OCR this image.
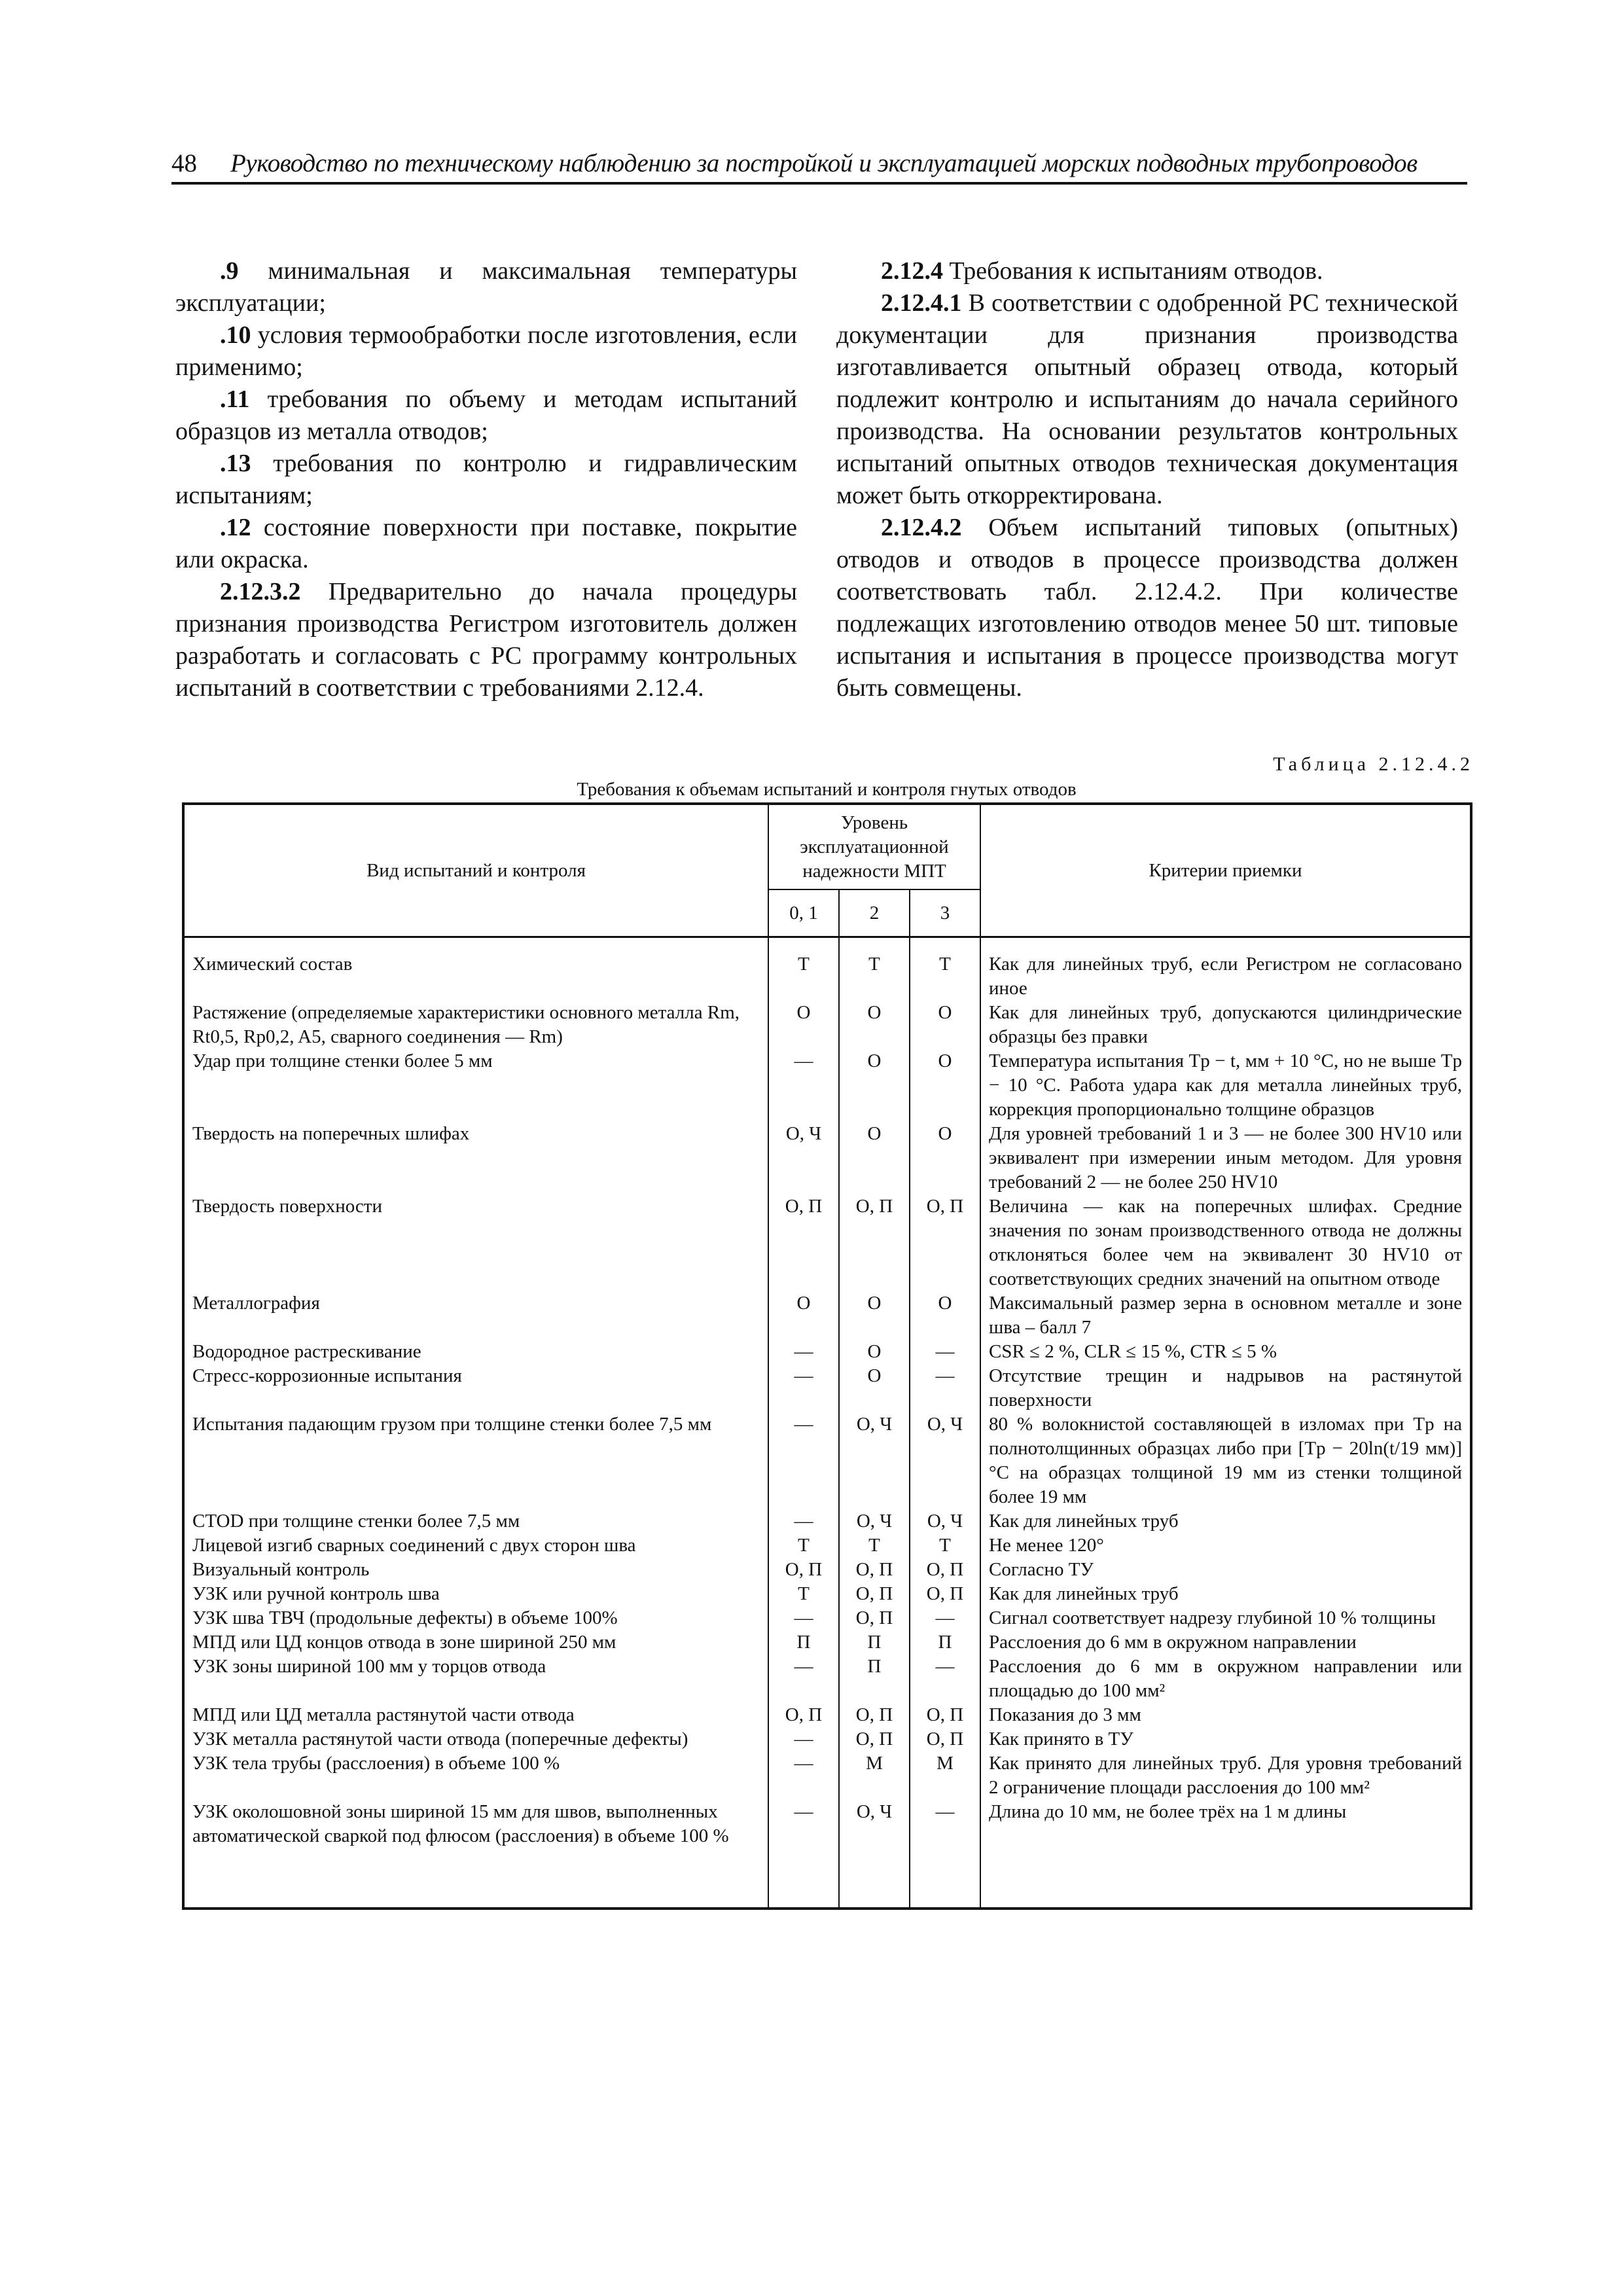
48	Руководство по техническому наблюдению за постройкой и эксплуатацией морских подводных трубопроводов

.9 минимальная и максимальная температуры эксплуатации;

.10 условия термообработки после изготовления, если применимо;

.11 требования по объему и методам испытаний образцов из металла отводов;

.13 требования по контролю и гидравлическим испытаниям;

.12 состояние поверхности при поставке, покрытие или окраска.

2.12.3.2 Предварительно до начала процедуры признания производства Регистром изготовитель должен разработать и согласовать с РС программу контрольных испытаний в соответствии с требованиями 2.12.4.

2.12.4 Требования к испытаниям отводов.

2.12.4.1 В соответствии с одобренной РС технической документации для признания производства изготавливается опытный образец отвода, который подлежит контролю и испытаниям до начала серийного производства. На основании результатов контрольных испытаний опытных отводов техническая документация может быть откорректирована.

2.12.4.2 Объем испытаний типовых (опытных) отводов и отводов в процессе производства должен соответствовать табл. 2.12.4.2. При количестве подлежащих изготовлению отводов менее 50 шт. типовые испытания и испытания в процессе производства могут быть совмещены.

Таблица 2.12.4.2
Требования к объемам испытаний и контроля гнутых отводов
Вид испытаний и контроля	Уровень эксплуатационной надежности МПТ			Критерии приемки
	0, 1	2	3	

Химический состав	Т	Т	Т	Как для линейных труб, если Регистром не согласовано иное
Растяжение (определяемые характеристики основного металла Rm, Rt0,5, Rp0,2, A5, сварного соединения — Rm)	О	О	О	Как для линейных труб, допускаются цилиндрические образцы без правки
Удар при толщине стенки более 5 мм	—	О	О	Температура испытания Tp − t, мм + 10 °C, но не выше Tp − 10 °C. Работа удара как для металла линейных труб, коррекция пропорционально толщине образцов
Твердость на поперечных шлифах	О, Ч	О	О	Для уровней требований 1 и 3 — не более 300 HV10 или эквивалент при измерении иным методом. Для уровня требований 2 — не более 250 HV10
Твердость поверхности	О, П	О, П	О, П	Величина — как на поперечных шлифах. Средние значения по зонам производственного отвода не должны отклоняться более чем на эквивалент 30 HV10 от соответствующих средних значений на опытном отводе
Металлография	О	О	О	Максимальный размер зерна в основном металле и зоне шва – балл 7
Водородное растрескивание	—	О	—	CSR ≤ 2 %, CLR ≤ 15 %, CTR ≤ 5 %
Стресс-коррозионные испытания	—	О	—	Отсутствие трещин и надрывов на растянутой поверхности
Испытания падающим грузом при толщине стенки более 7,5 мм	—	О, Ч	О, Ч	80 % волокнистой составляющей в изломах при Tp на полнотолщинных образцах либо при [Tp − 20ln(t/19 мм)] °C на образцах толщиной 19 мм из стенки толщиной более 19 мм
CTOD при толщине стенки более 7,5 мм	—	О, Ч	О, Ч	Как для линейных труб
Лицевой изгиб сварных соединений с двух сторон шва	Т	Т	Т	Не менее 120°
Визуальный контроль	О, П	О, П	О, П	Согласно ТУ
УЗК или ручной контроль шва	Т	О, П	О, П	Как для линейных труб
УЗК шва ТВЧ (продольные дефекты) в объеме 100%	—	О, П	—	Сигнал соответствует надрезу глубиной 10 % толщины
МПД или ЦД концов отвода в зоне шириной 250 мм	П	П	П	Расслоения до 6 мм в окружном направлении
УЗК зоны шириной 100 мм у торцов отвода	—	П	—	Расслоения до 6 мм в окружном направлении или площадью до 100 мм²
МПД или ЦД металла растянутой части отвода	О, П	О, П	О, П	Показания до 3 мм
УЗК металла растянутой части отвода (поперечные дефекты)	—	О, П	О, П	Как принято в ТУ
УЗК тела трубы (расслоения) в объеме 100 %	—	М	М	Как принято для линейных труб. Для уровня требований 2 ограничение площади расслоения до 100 мм²
УЗК околошовной зоны шириной 15 мм для швов, выполненных автоматической сваркой под флюсом (расслоения) в объеме 100 %	—	О, Ч	—	Длина до 10 мм, не более трёх на 1 м длины
